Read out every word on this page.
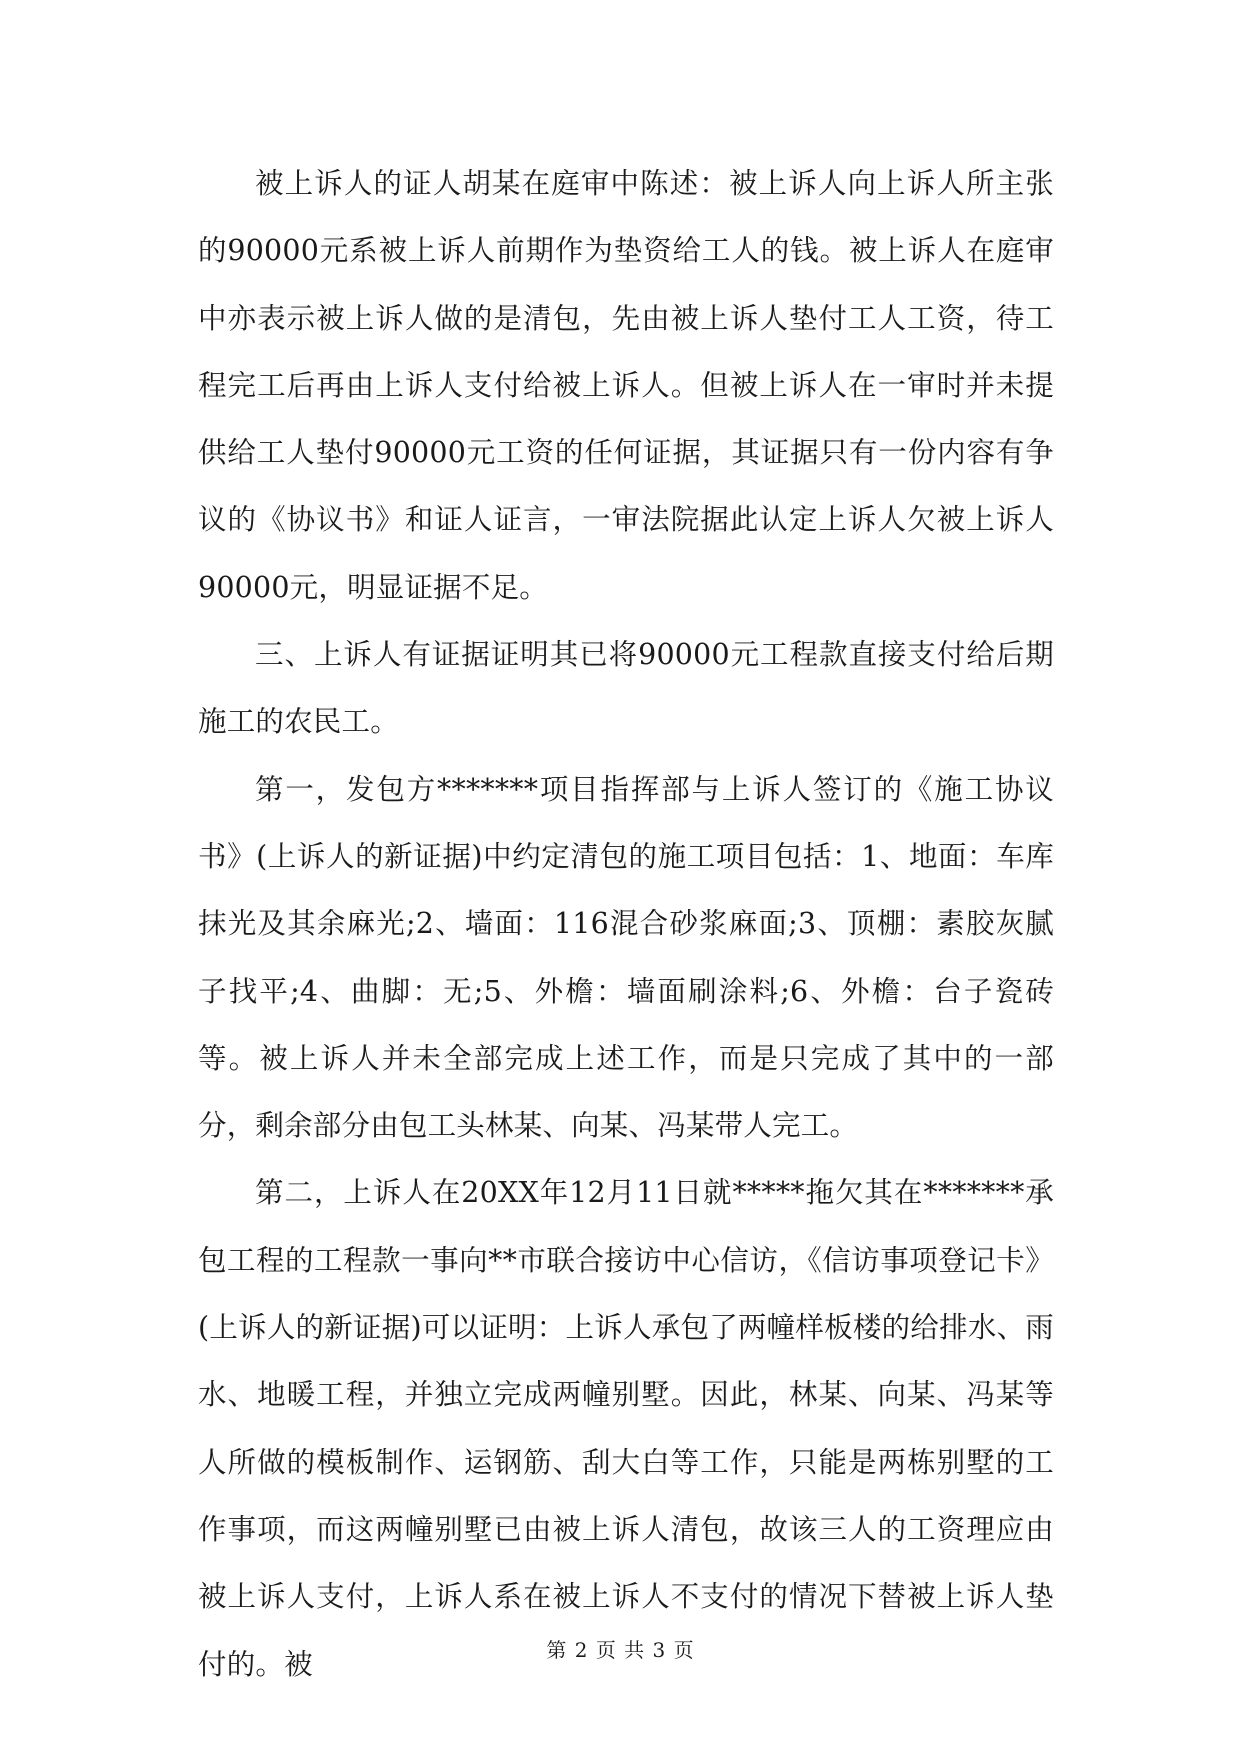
被上诉人的证人胡某在庭审中陈述：被上诉人向上诉人所主张的90000元系被上诉人前期作为垫资给工人的钱。被上诉人在庭审中亦表示被上诉人做的是清包，先由被上诉人垫付工人工资，待工程完工后再由上诉人支付给被上诉人。但被上诉人在一审时并未提供给工人垫付90000元工资的任何证据，其证据只有一份内容有争议的《协议书》和证人证言，一审法院据此认定上诉人欠被上诉人90000元，明显证据不足。

三、上诉人有证据证明其已将90000元工程款直接支付给后期施工的农民工。

第一，发包方*******项目指挥部与上诉人签订的《施工协议书》(上诉人的新证据)中约定清包的施工项目包括：1、地面：车库抹光及其余麻光;2、墙面：116混合砂浆麻面;3、顶棚：素胶灰腻子找平;4、曲脚：无;5、外檐：墙面刷涂料;6、外檐：台子瓷砖等。被上诉人并未全部完成上述工作，而是只完成了其中的一部分，剩余部分由包工头林某、向某、冯某带人完工。

第二，上诉人在20XX年12月11日就*****拖欠其在*******承包工程的工程款一事向**市联合接访中心信访，《信访事项登记卡》(上诉人的新证据)可以证明：上诉人承包了两幢样板楼的给排水、雨水、地暖工程，并独立完成两幢别墅。因此，林某、向某、冯某等人所做的模板制作、运钢筋、刮大白等工作，只能是两栋别墅的工作事项，而这两幢别墅已由被上诉人清包，故该三人的工资理应由被上诉人支付，上诉人系在被上诉人不支付的情况下替被上诉人垫付的。被	第 2 页 共 3 页
